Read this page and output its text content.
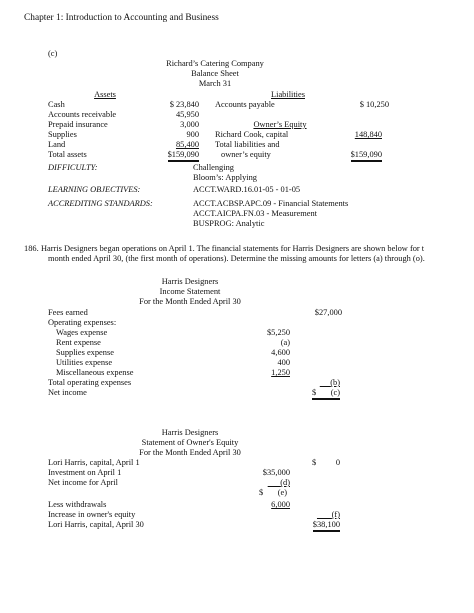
Chapter 1: Introduction to Accounting and Business
(c)
Richard’s Catering Company
Balance Sheet
March 31
Assets	Liabilities
Cash	$ 23,840
Accounts receivable	45,950
Prepaid insurance	3,000
Supplies	900
Land	85,400
Total assets	$159,090
Accounts payable	$ 10,250
Owner’s Equity
Richard Cook, capital	148,840
Total liabilities and
owner’s equity	$159,090
DIFFICULTY:	Challenging
Bloom’s: Applying
LEARNING OBJECTIVES:	ACCT.WARD.16.01-05 - 01-05
ACCREDITING STANDARDS:	ACCT.ACBSP.APC.09 - Financial Statements
ACCT.AICPA.FN.03 - Measurement
BUSPROG: Analytic
186. Harris Designers began operations on April 1. The financial statements for Harris Designers are shown below for t
month ended April 30, (the first month of operations). Determine the missing amounts for letters (a) through (o).
Harris Designers
Income Statement
For the Month Ended April 30
Fees earned	$27,000
Operating expenses:
Wages expense	$5,250
Rent expense	(a)
Supplies expense	4,600
Utilities expense	400
Miscellaneous expense	1,250
Total operating expenses	(b)
Net income	$ (c)
Harris Designers
Statement of Owner's Equity
For the Month Ended April 30
Lori Harris, capital, April 1	$	0
Investment on April 1	$35,000
Net income for April	(d)
$	(e)
Less withdrawals	6,000
Increase in owner's equity	(f)
Lori Harris, capital, April 30	$38,100
